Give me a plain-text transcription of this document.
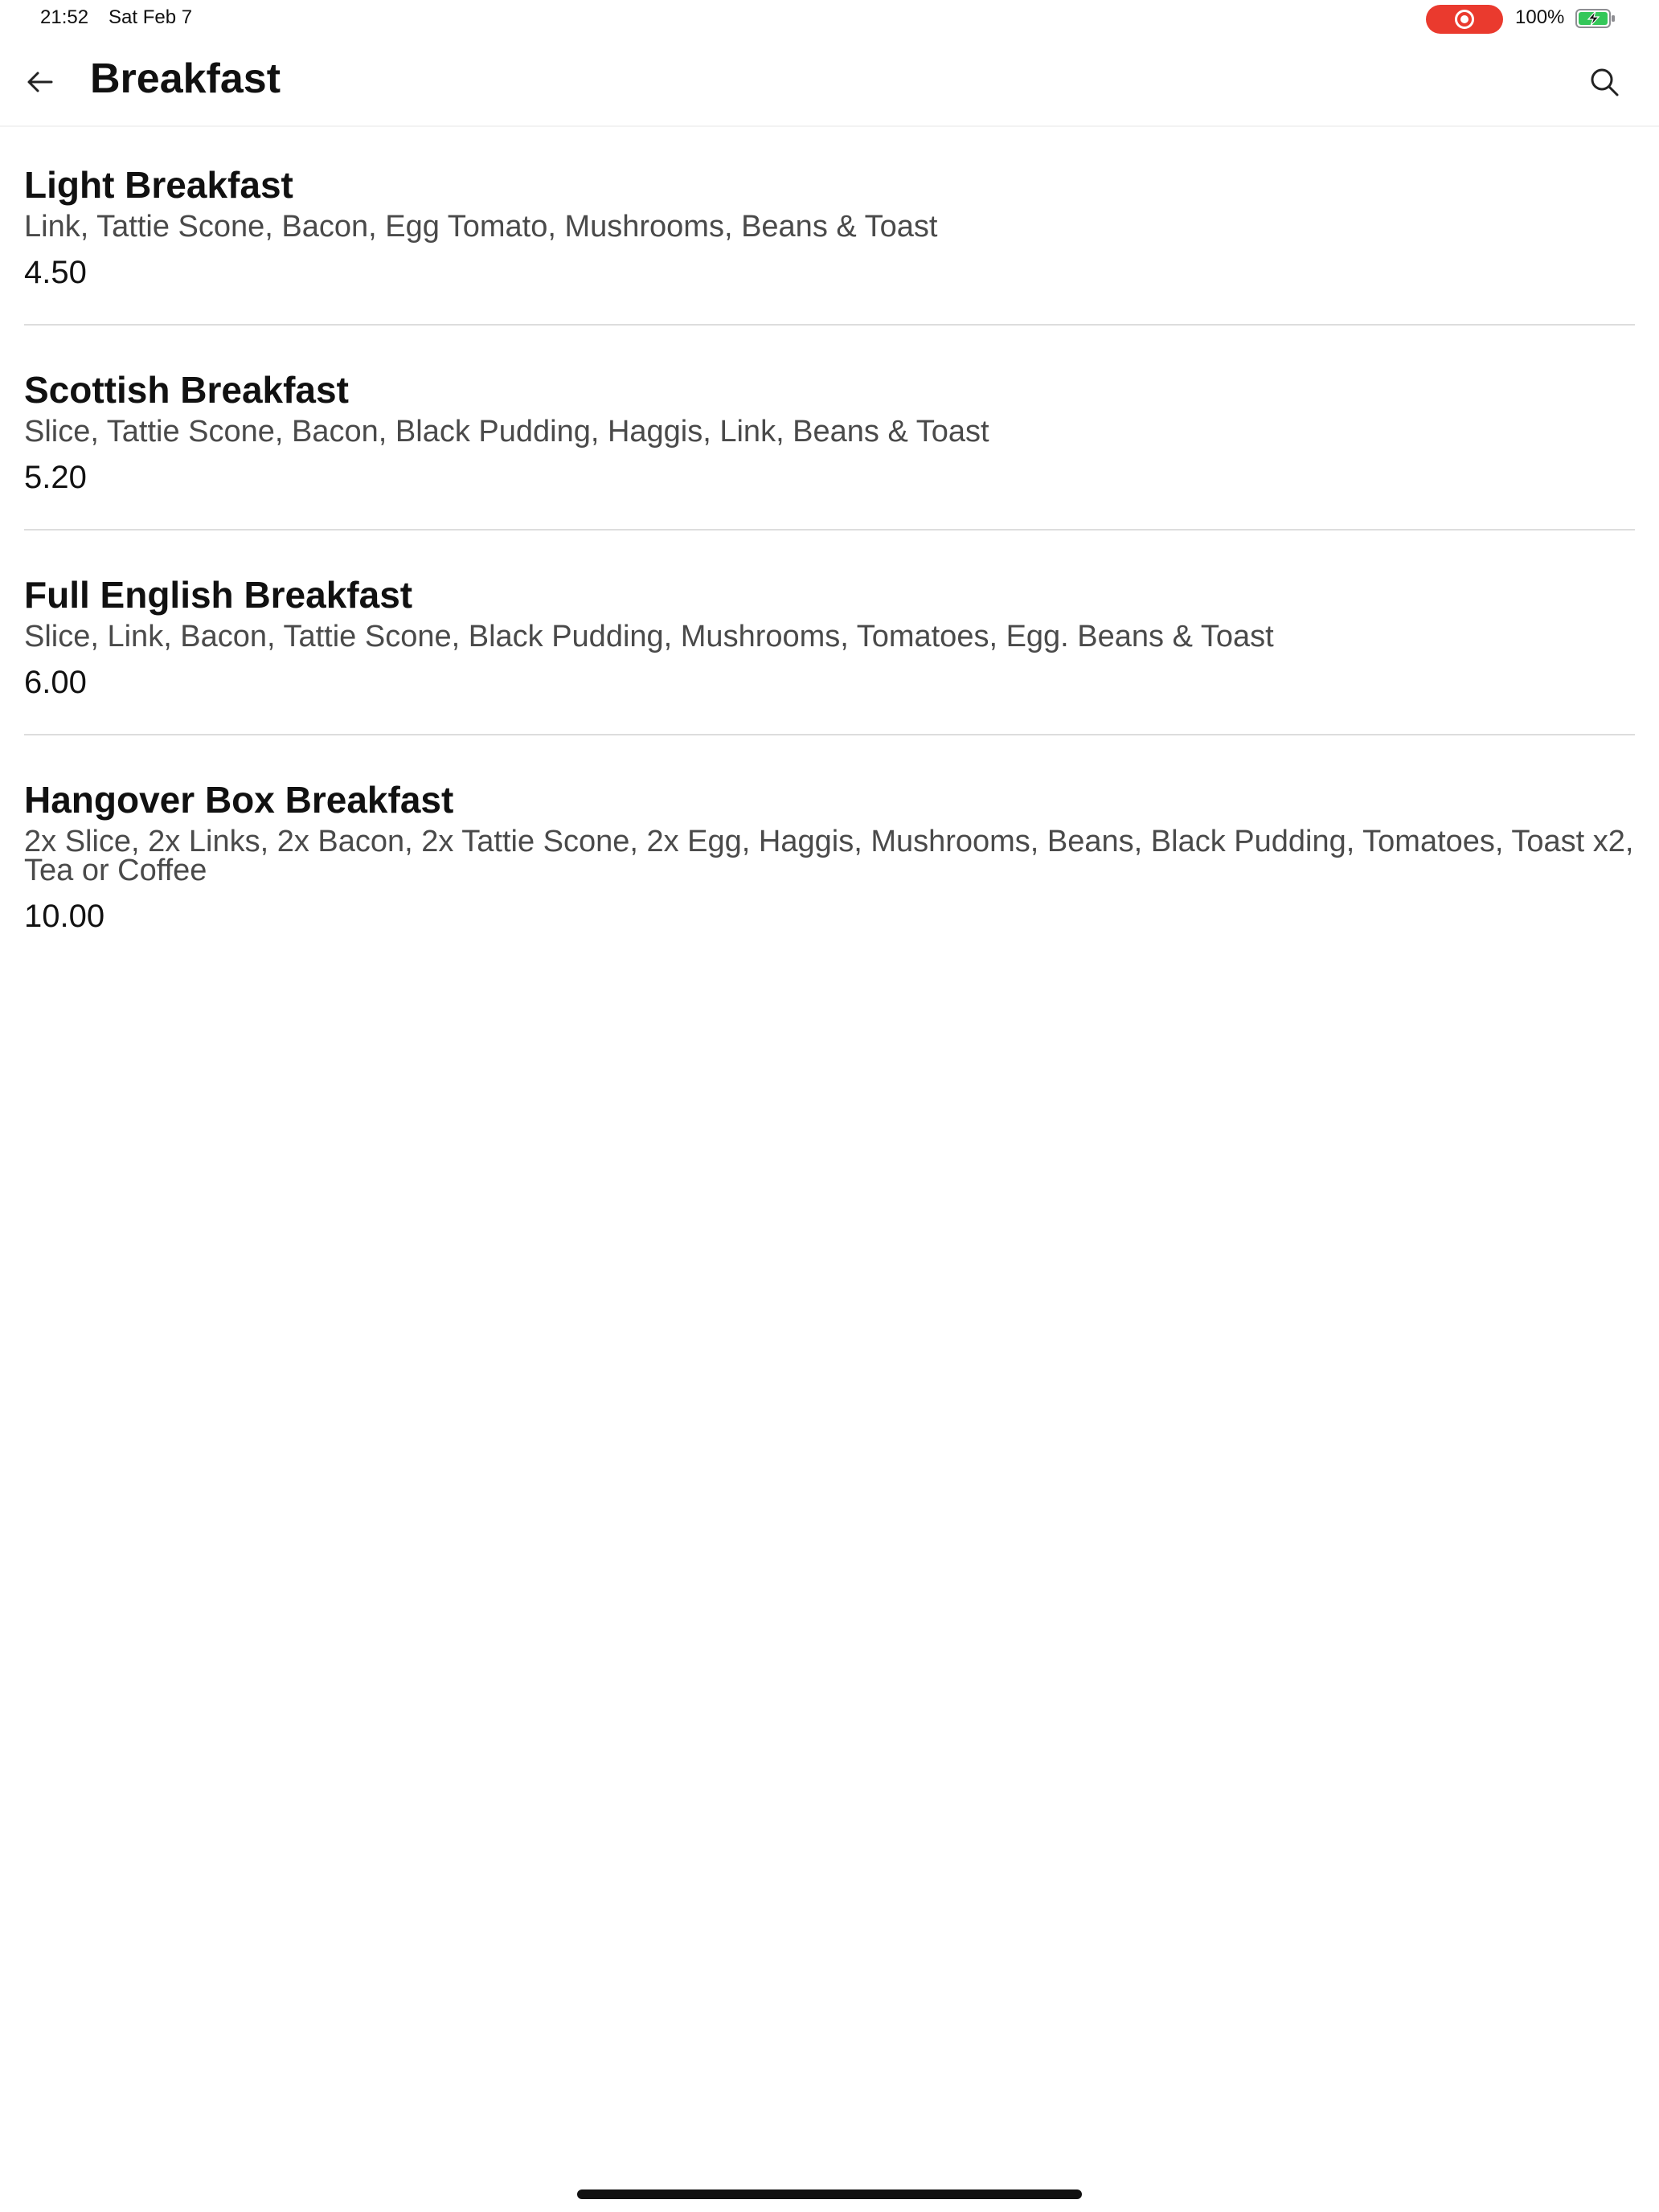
21:52 Sat Feb 7	100%
Breakfast

Light Breakfast

Link, Tattie Scone, Bacon, Egg Tomato, Mushrooms, Beans & Toast

4.50

Scottish Breakfast

Slice, Tattie Scone, Bacon, Black Pudding, Haggis, Link, Beans & Toast

5.20

Full English Breakfast

Slice, Link, Bacon, Tattie Scone, Black Pudding, Mushrooms, Tomatoes, Egg. Beans & Toast

6.00

Hangover Box Breakfast

2x Slice, 2x Links, 2x Bacon, 2x Tattie Scone, 2x Egg, Haggis, Mushrooms, Beans, Black Pudding, Tomatoes, Toast x2, Tea or Coffee

10.00
